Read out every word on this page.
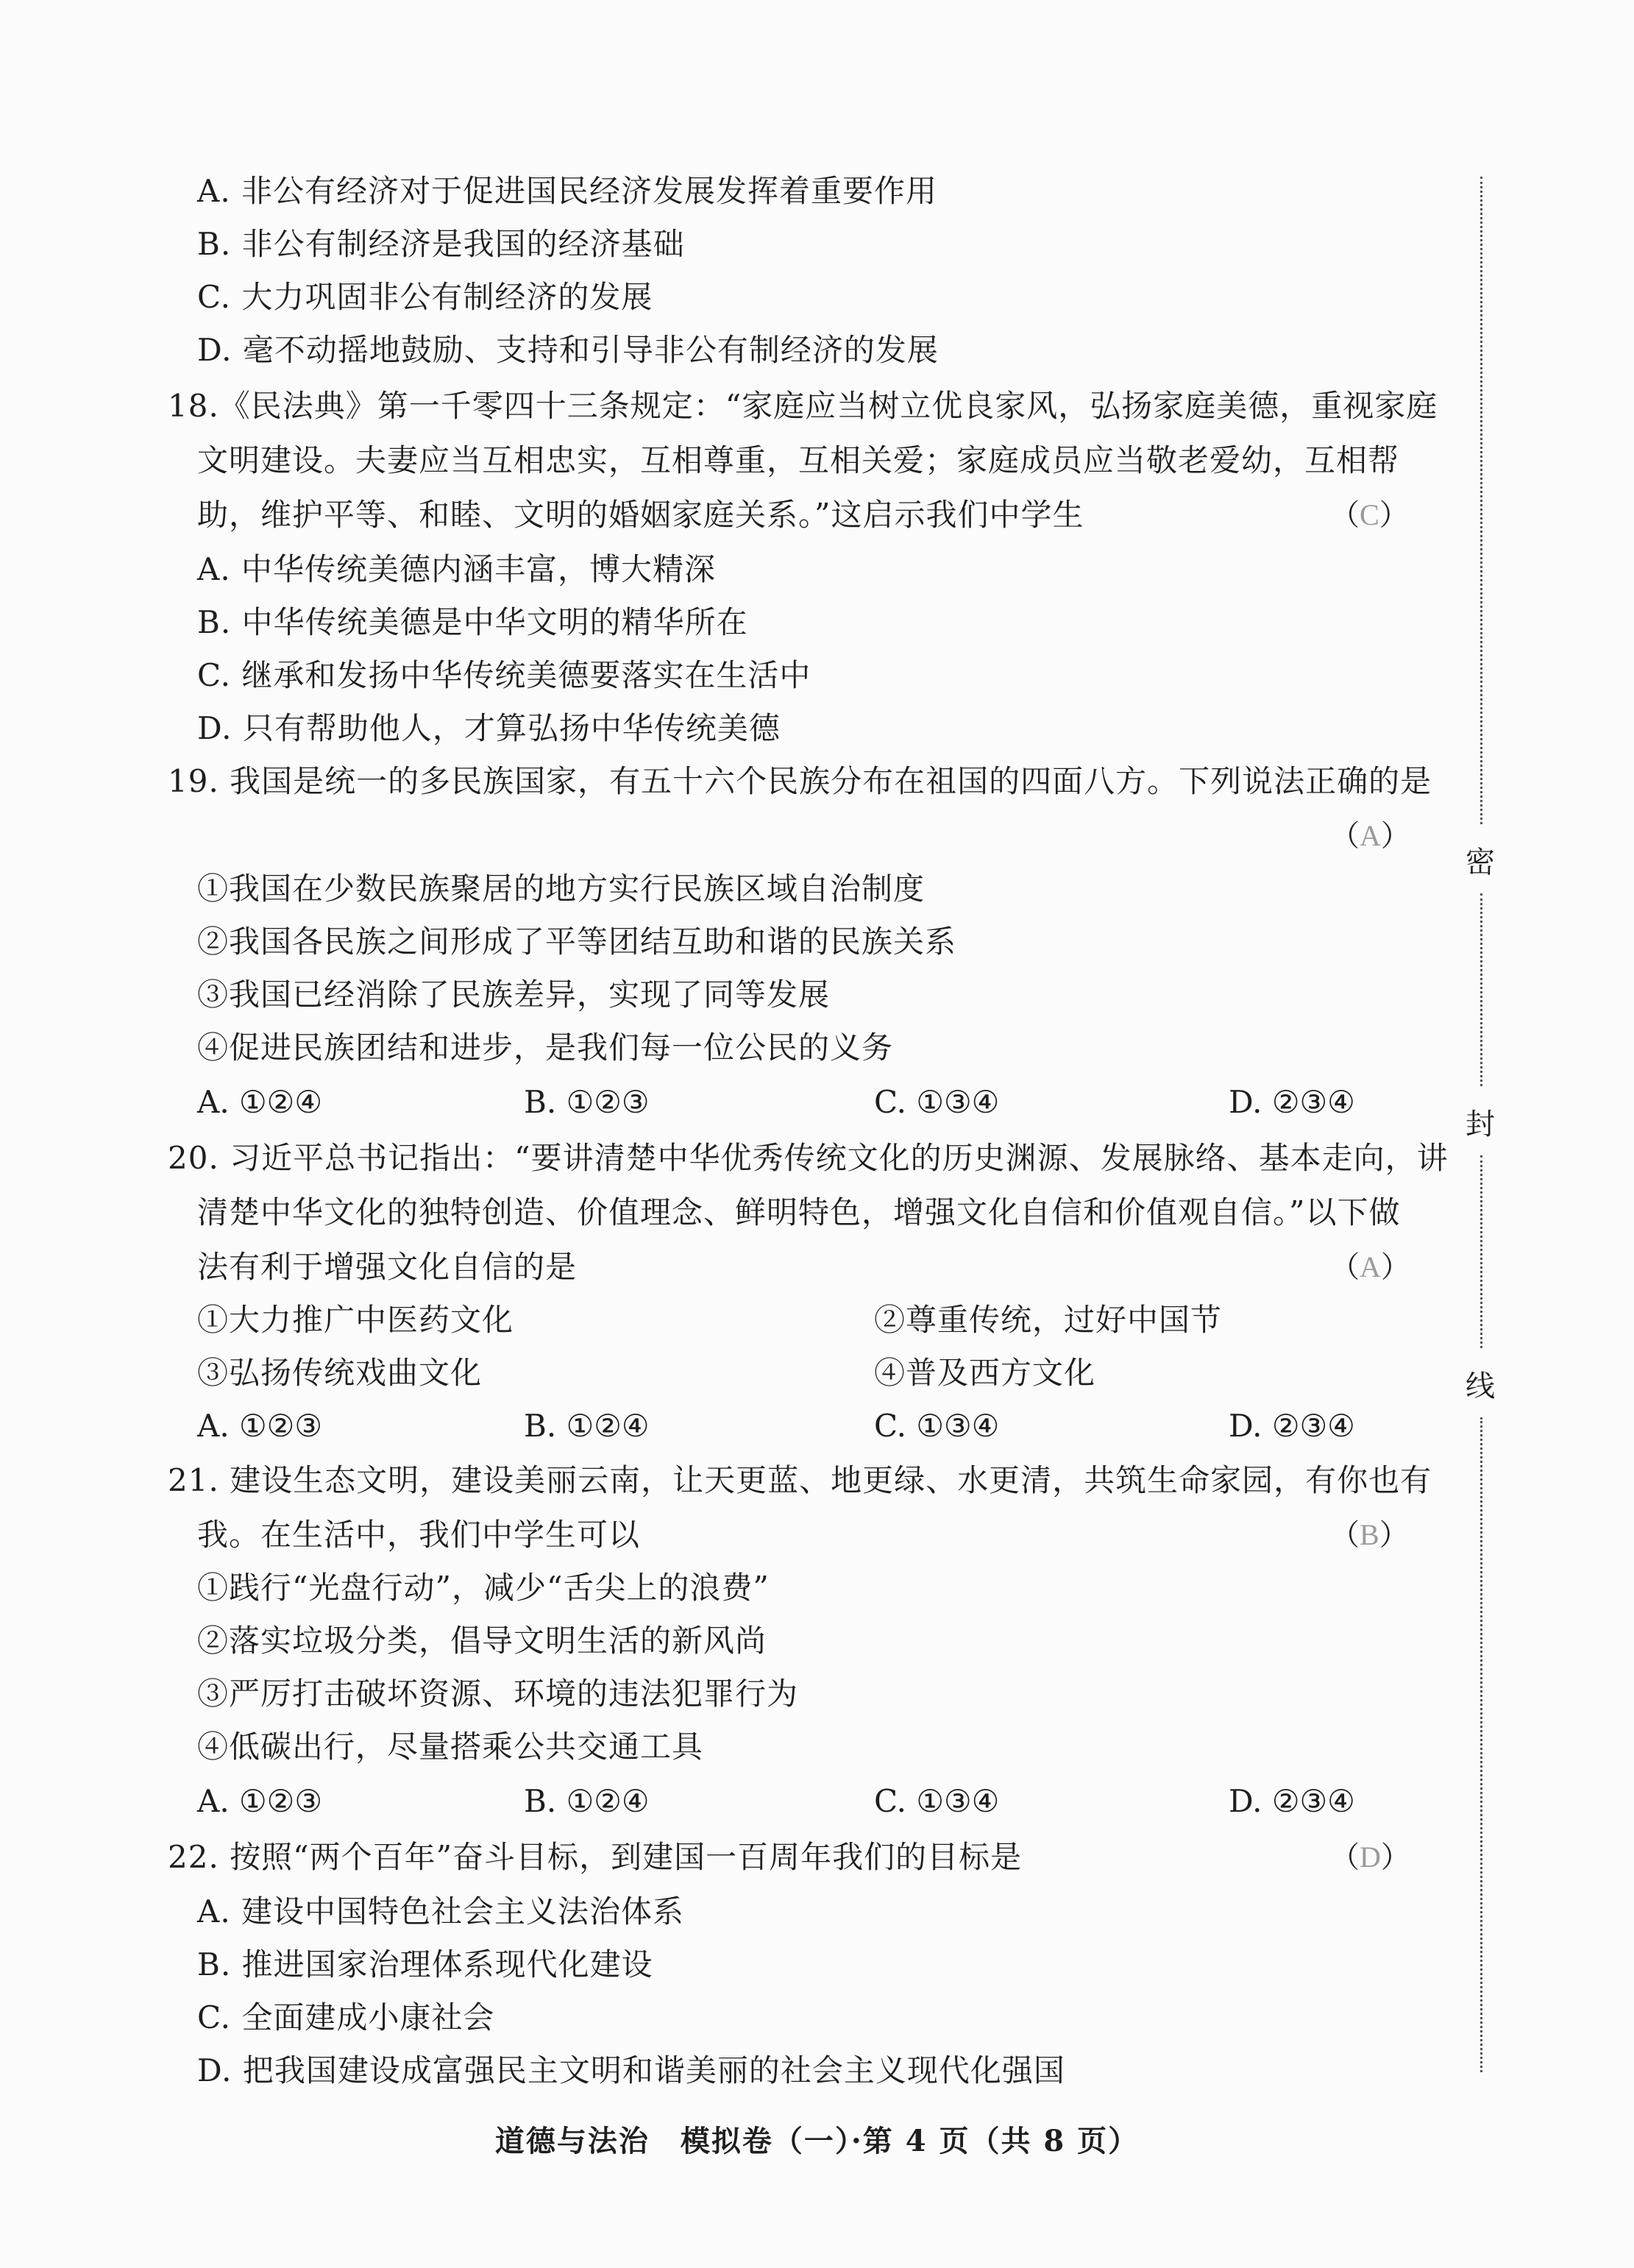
A. 非公有经济对于促进国民经济发展发挥着重要作用
B. 非公有制经济是我国的经济基础
C. 大力巩固非公有制经济的发展
D. 毫不动摇地鼓励、支持和引导非公有制经济的发展
18.《民法典》第一千零四十三条规定：“家庭应当树立优良家风，弘扬家庭美德，重视家庭
文明建设。夫妻应当互相忠实，互相尊重，互相关爱；家庭成员应当敬老爱幼，互相帮
助，维护平等、和睦、文明的婚姻家庭关系。”这启示我们中学生	（C）
A. 中华传统美德内涵丰富，博大精深
B. 中华传统美德是中华文明的精华所在
C. 继承和发扬中华传统美德要落实在生活中
D. 只有帮助他人，才算弘扬中华传统美德
19. 我国是统一的多民族国家，有五十六个民族分布在祖国的四面八方。下列说法正确的是
（A）
①我国在少数民族聚居的地方实行民族区域自治制度
②我国各民族之间形成了平等团结互助和谐的民族关系
③我国已经消除了民族差异，实现了同等发展
④促进民族团结和进步，是我们每一位公民的义务
A. ①②④	B. ①②③	C. ①③④	D. ②③④
20. 习近平总书记指出：“要讲清楚中华优秀传统文化的历史渊源、发展脉络、基本走向，讲
清楚中华文化的独特创造、价值理念、鲜明特色，增强文化自信和价值观自信。”以下做
法有利于增强文化自信的是	（A）
①大力推广中医药文化	②尊重传统，过好中国节
③弘扬传统戏曲文化	④普及西方文化
A. ①②③	B. ①②④	C. ①③④	D. ②③④
21. 建设生态文明，建设美丽云南，让天更蓝、地更绿、水更清，共筑生命家园，有你也有
我。在生活中，我们中学生可以	（B）
①践行“光盘行动”，减少“舌尖上的浪费”
②落实垃圾分类，倡导文明生活的新风尚
③严厉打击破坏资源、环境的违法犯罪行为
④低碳出行，尽量搭乘公共交通工具
A. ①②③	B. ①②④	C. ①③④	D. ②③④
22. 按照“两个百年”奋斗目标，到建国一百周年我们的目标是	（D）
A. 建设中国特色社会主义法治体系
B. 推进国家治理体系现代化建设
C. 全面建成小康社会
D. 把我国建设成富强民主文明和谐美丽的社会主义现代化强国
密
封
线
道德与法治　模拟卷（一）·第 4 页（共 8 页）
